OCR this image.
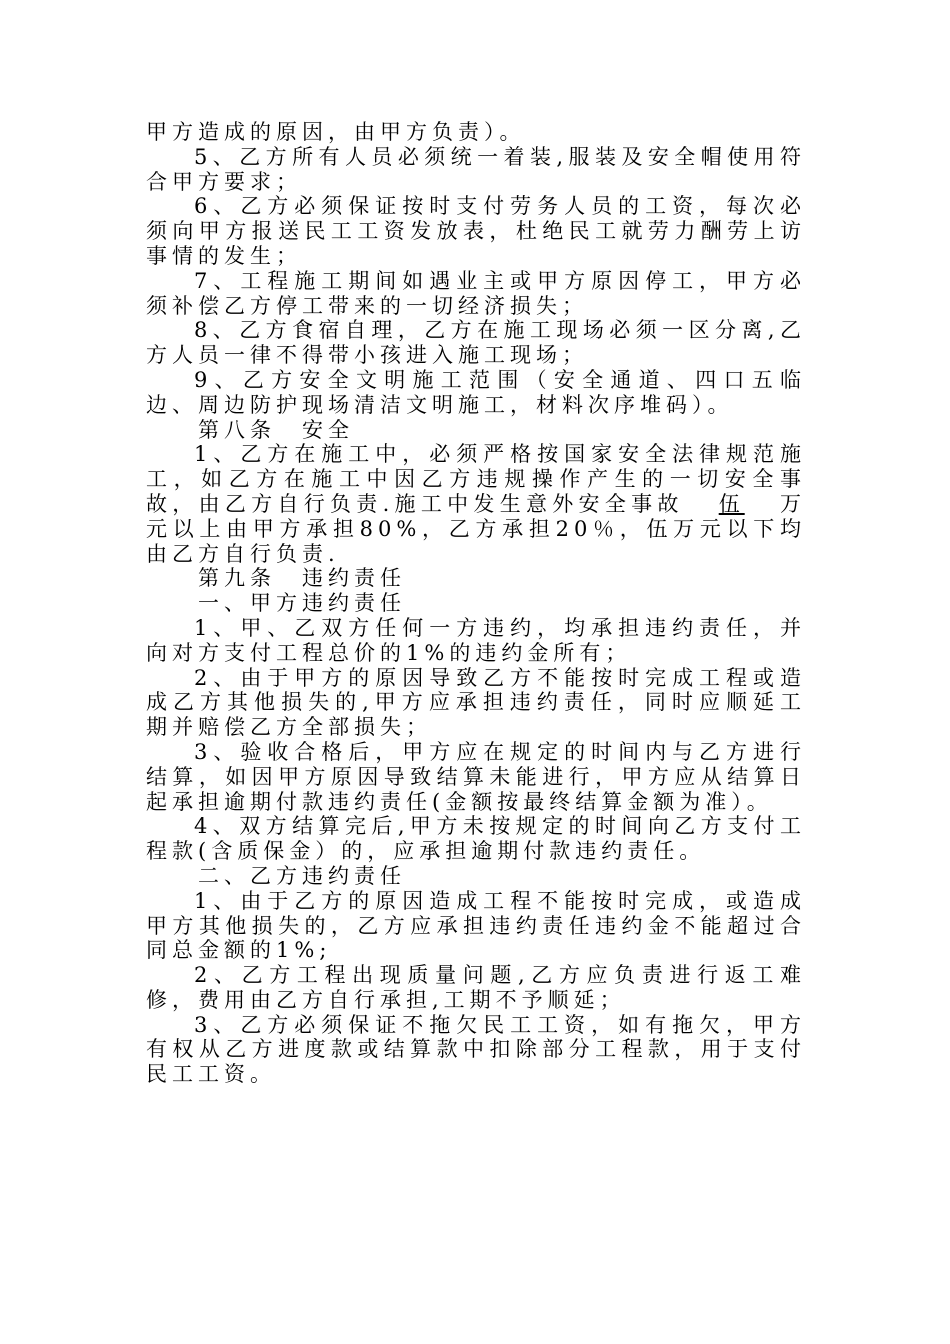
甲方造成的原因，由甲方负责）。

5、乙方所有人员必须统一着装,服装及安全帽使用符合甲方要求；

6、乙方必须保证按时支付劳务人员的工资，每次必须向甲方报送民工工资发放表，杜绝民工就劳力酬劳上访事情的发生；

7、工程施工期间如遇业主或甲方原因停工，甲方必须补偿乙方停工带来的一切经济损失；

8、乙方食宿自理，乙方在施工现场必须一区分离,乙方人员一律不得带小孩进入施工现场；

9、乙方安全文明施工范围（安全通道、四口五临边、周边防护现场清洁文明施工，材料次序堆码）。

第八条　安全

1、乙方在施工中，必须严格按国家安全法律规范施工，如乙方在施工中因乙方违规操作产生的一切安全事故，由乙方自行负责.施工中发生意外安全事故 伍 万元以上由甲方承担80%，乙方承担20％，伍万元以下均由乙方自行负责.

第九条　违约责任

一、甲方违约责任

1、甲、乙双方任何一方违约，均承担违约责任，并向对方支付工程总价的1%的违约金所有；

2、由于甲方的原因导致乙方不能按时完成工程或造成乙方其他损失的,甲方应承担违约责任，同时应顺延工期并赔偿乙方全部损失；

3、验收合格后，甲方应在规定的时间内与乙方进行结算，如因甲方原因导致结算未能进行，甲方应从结算日起承担逾期付款违约责任(金额按最终结算金额为准）。

4、双方结算完后,甲方未按规定的时间向乙方支付工程款(含质保金）的，应承担逾期付款违约责任。

二、乙方违约责任

1、由于乙方的原因造成工程不能按时完成，或造成甲方其他损失的，乙方应承担违约责任违约金不能超过合同总金额的1%;

2、乙方工程出现质量问题,乙方应负责进行返工难修，费用由乙方自行承担,工期不予顺延；

3、乙方必须保证不拖欠民工工资，如有拖欠，甲方有权从乙方进度款或结算款中扣除部分工程款，用于支付民工工资。
